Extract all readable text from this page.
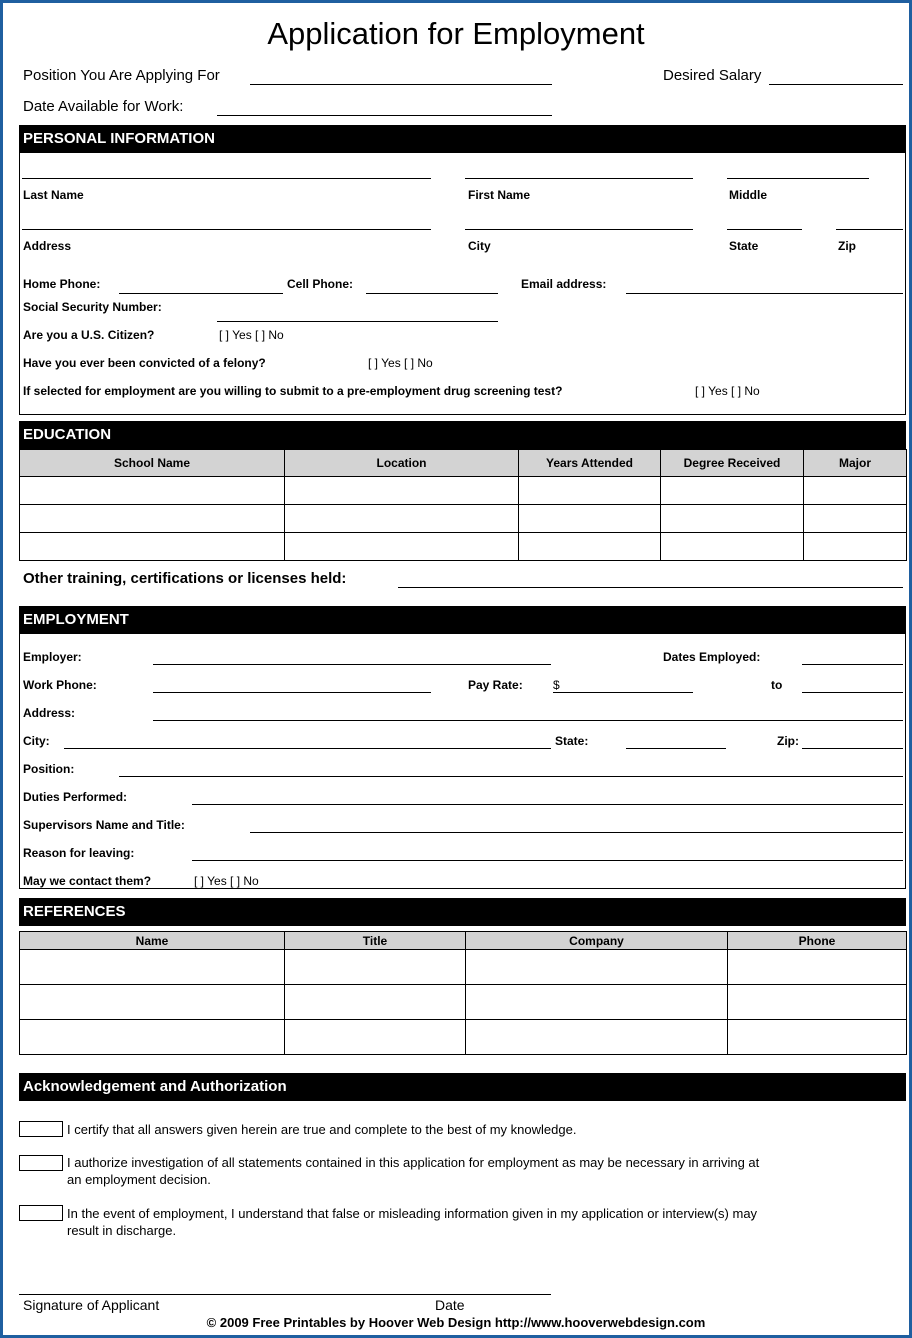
Application for Employment
Position You Are Applying For	Desired Salary
Date Available for Work:
PERSONAL INFORMATION
Last Name	First Name	Middle
Address	City	State	Zip
Home Phone:	Cell Phone:	Email address:
Social Security Number:
Are you a U.S. Citizen?	[ ] Yes [ ] No
Have you ever been convicted of a felony?	[ ] Yes [ ] No
If selected for employment are you willing to submit to a pre-employment drug screening test?	[ ] Yes [ ] No
EDUCATION
School Name	Location	Years Attended	Degree Received	Major

Other training, certifications or licenses held:
EMPLOYMENT
Employer:	Dates Employed:
Work Phone:	Pay Rate:	$	to
Address:
City:	State:	Zip:
Position:
Duties Performed:
Supervisors Name and Title:
Reason for leaving:
May we contact them?	[ ] Yes [ ] No
REFERENCES
Name	Title	Company	Phone

Acknowledgement and Authorization
I certify that all answers given herein are true and complete to the best of my knowledge.
I authorize investigation of all statements contained in this application for employment as may be necessary in arriving at
an employment decision.
In the event of employment, I understand that false or misleading information given in my application or interview(s) may
result in discharge.
Signature of Applicant	Date
© 2009 Free Printables by Hoover Web Design http://www.hooverwebdesign.com
